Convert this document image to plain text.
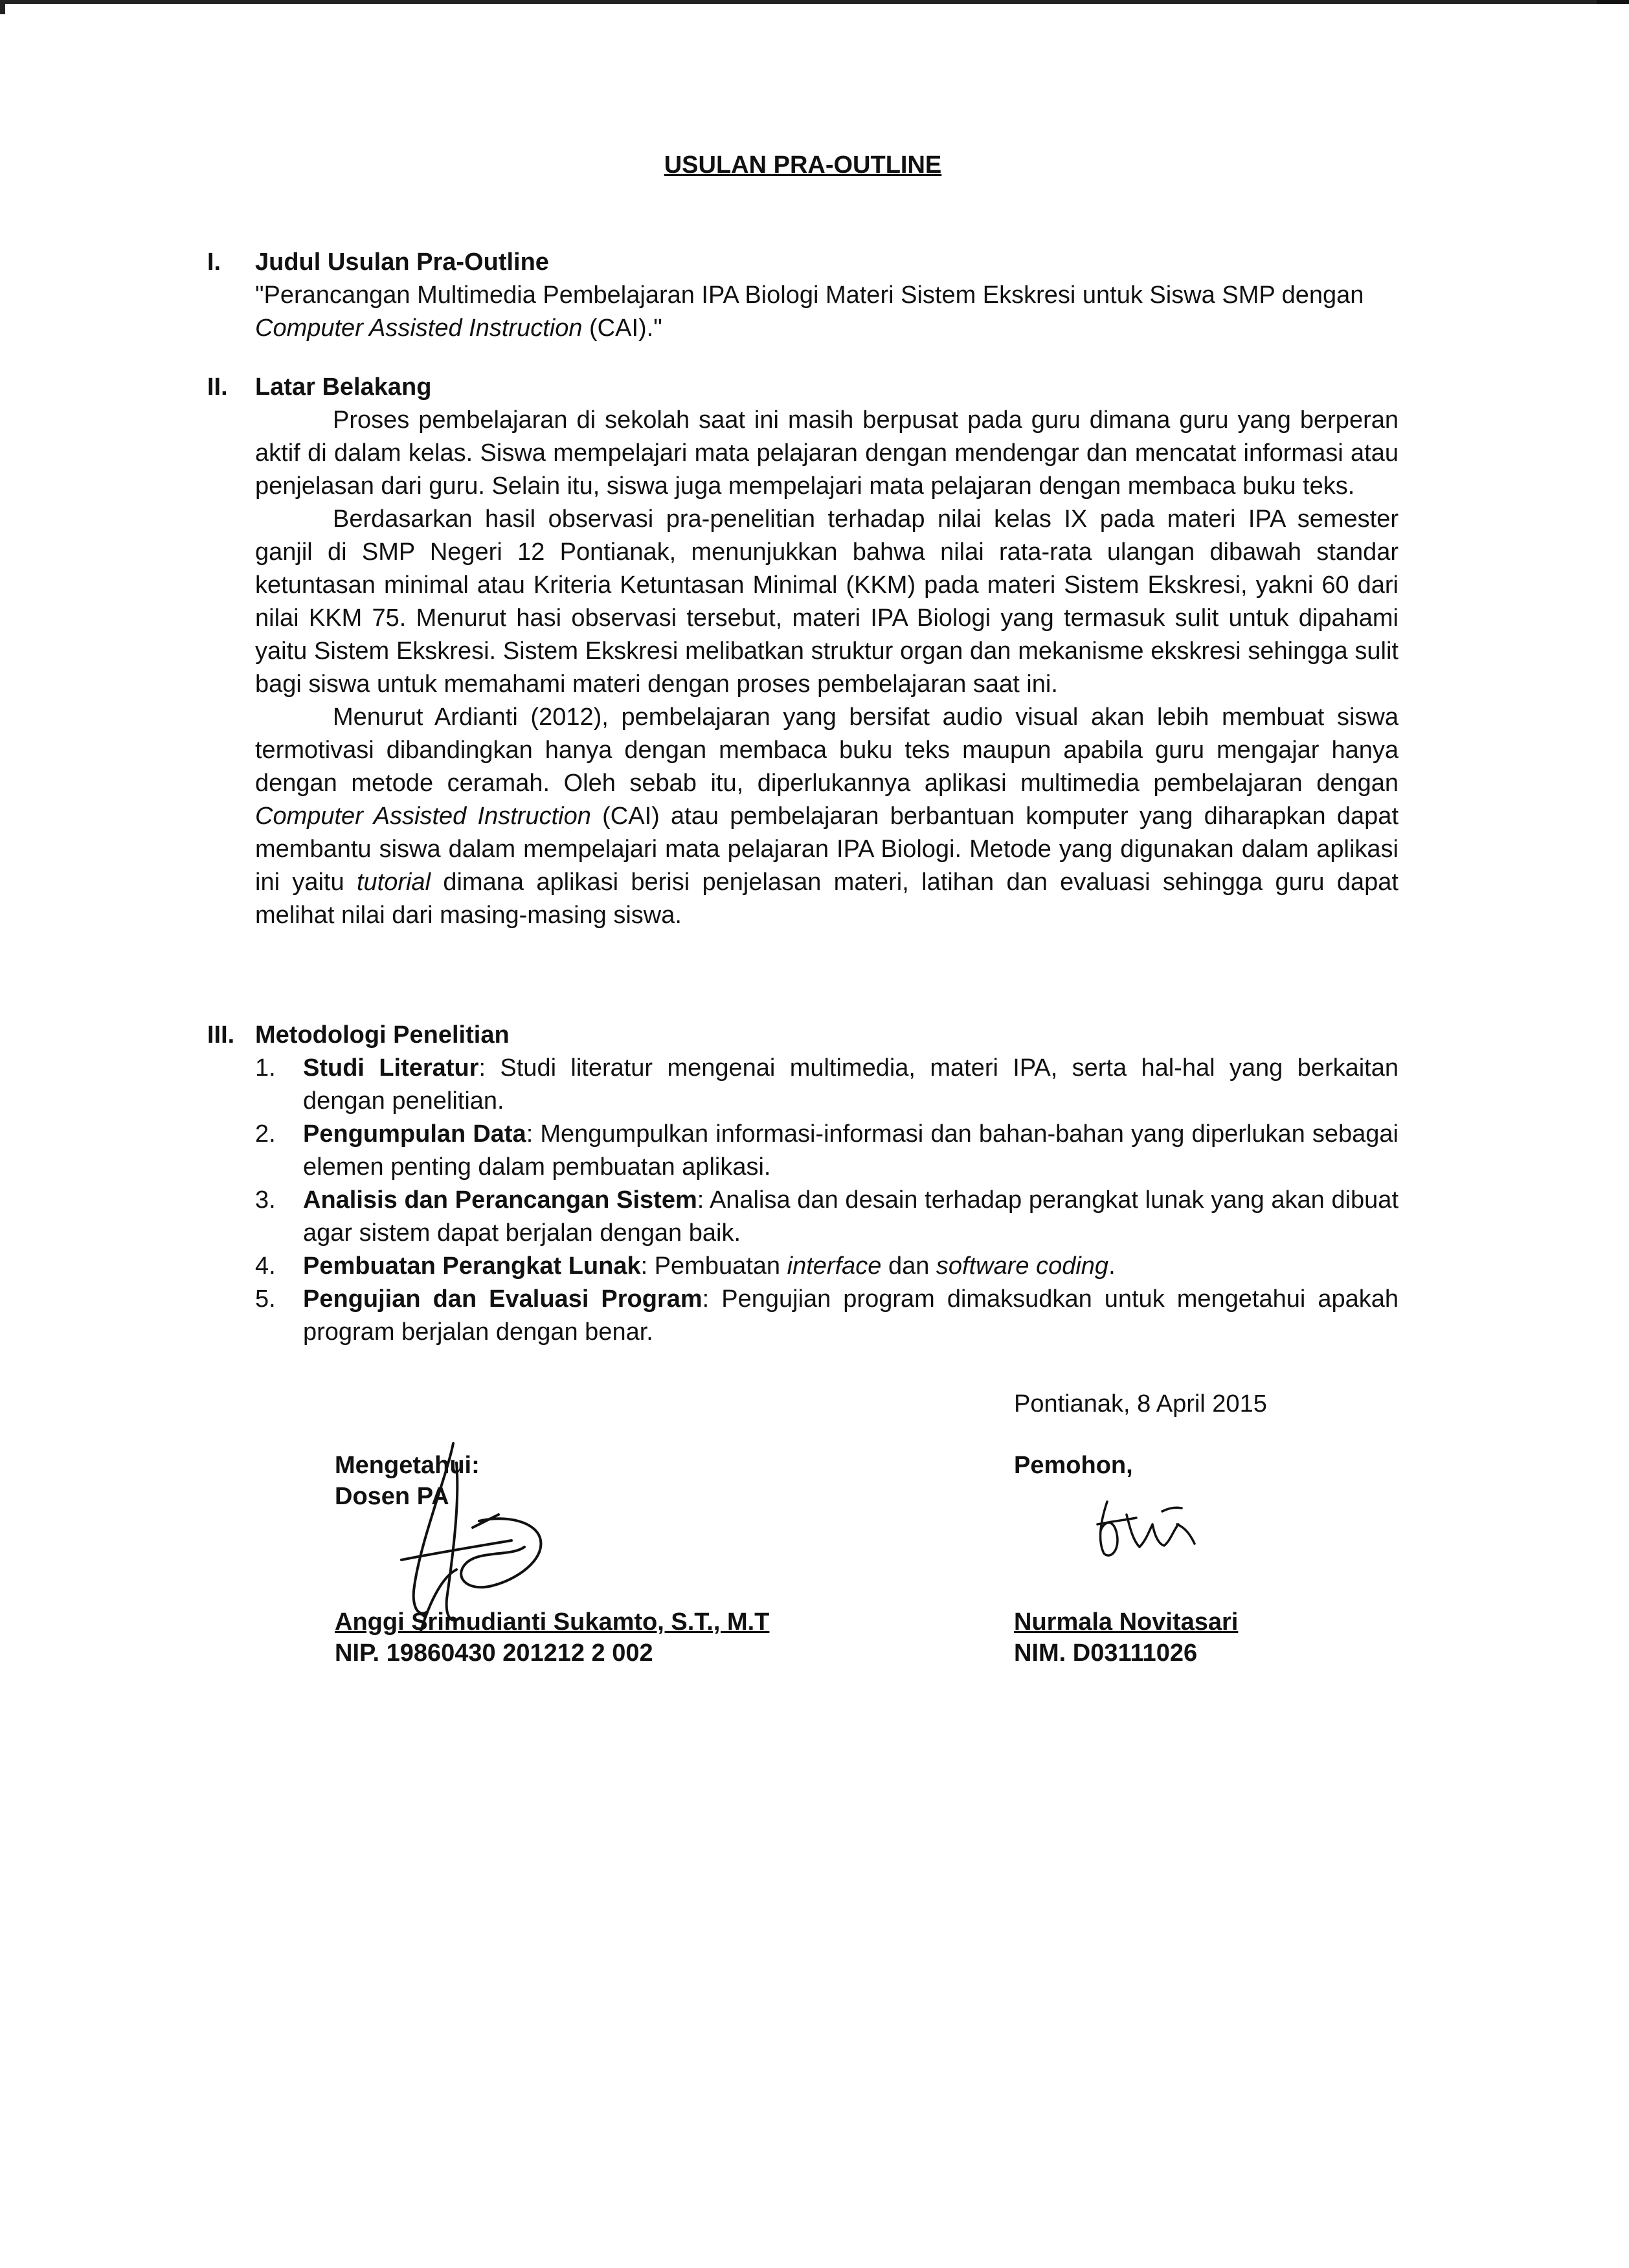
USULAN PRA-OUTLINE
I.	Judul Usulan Pra-Outline
"Perancangan Multimedia Pembelajaran IPA Biologi Materi Sistem Ekskresi untuk Siswa SMP dengan Computer Assisted Instruction (CAI)."
II.	Latar Belakang

Proses pembelajaran di sekolah saat ini masih berpusat pada guru dimana guru yang berperan aktif di dalam kelas. Siswa mempelajari mata pelajaran dengan mendengar dan mencatat informasi atau penjelasan dari guru. Selain itu, siswa juga mempelajari mata pelajaran dengan membaca buku teks.

Berdasarkan hasil observasi pra-penelitian terhadap nilai kelas IX pada materi IPA semester ganjil di SMP Negeri 12 Pontianak, menunjukkan bahwa nilai rata-rata ulangan dibawah standar ketuntasan minimal atau Kriteria Ketuntasan Minimal (KKM) pada materi Sistem Ekskresi, yakni 60 dari nilai KKM 75. Menurut hasi observasi tersebut, materi IPA Biologi yang termasuk sulit untuk dipahami yaitu Sistem Ekskresi. Sistem Ekskresi melibatkan struktur organ dan mekanisme ekskresi sehingga sulit bagi siswa untuk memahami materi dengan proses pembelajaran saat ini.

Menurut Ardianti (2012), pembelajaran yang bersifat audio visual akan lebih membuat siswa termotivasi dibandingkan hanya dengan membaca buku teks maupun apabila guru mengajar hanya dengan metode ceramah. Oleh sebab itu, diperlukannya aplikasi multimedia pembelajaran dengan Computer Assisted Instruction (CAI) atau pembelajaran berbantuan komputer yang diharapkan dapat membantu siswa dalam mempelajari mata pelajaran IPA Biologi. Metode yang digunakan dalam aplikasi ini yaitu tutorial dimana aplikasi berisi penjelasan materi, latihan dan evaluasi sehingga guru dapat melihat nilai dari masing-masing siswa.

III. Metodologi Penelitian
1.	Studi Literatur: Studi literatur mengenai multimedia, materi IPA, serta hal-hal yang berkaitan dengan penelitian.
2.	Pengumpulan Data: Mengumpulkan informasi-informasi dan bahan-bahan yang diperlukan sebagai elemen penting dalam pembuatan aplikasi.
3.	Analisis dan Perancangan Sistem: Analisa dan desain terhadap perangkat lunak yang akan dibuat agar sistem dapat berjalan dengan baik.
4.	Pembuatan Perangkat Lunak: Pembuatan interface dan software coding.
5.	Pengujian dan Evaluasi Program: Pengujian program dimaksudkan untuk mengetahui apakah program berjalan dengan benar.
Pontianak, 8 April 2015
Mengetahui:
Dosen PA
Anggi Srimudianti Sukamto, S.T., M.T
NIP. 19860430 201212 2 002
Pemohon,
Nurmala Novitasari
NIM. D03111026
